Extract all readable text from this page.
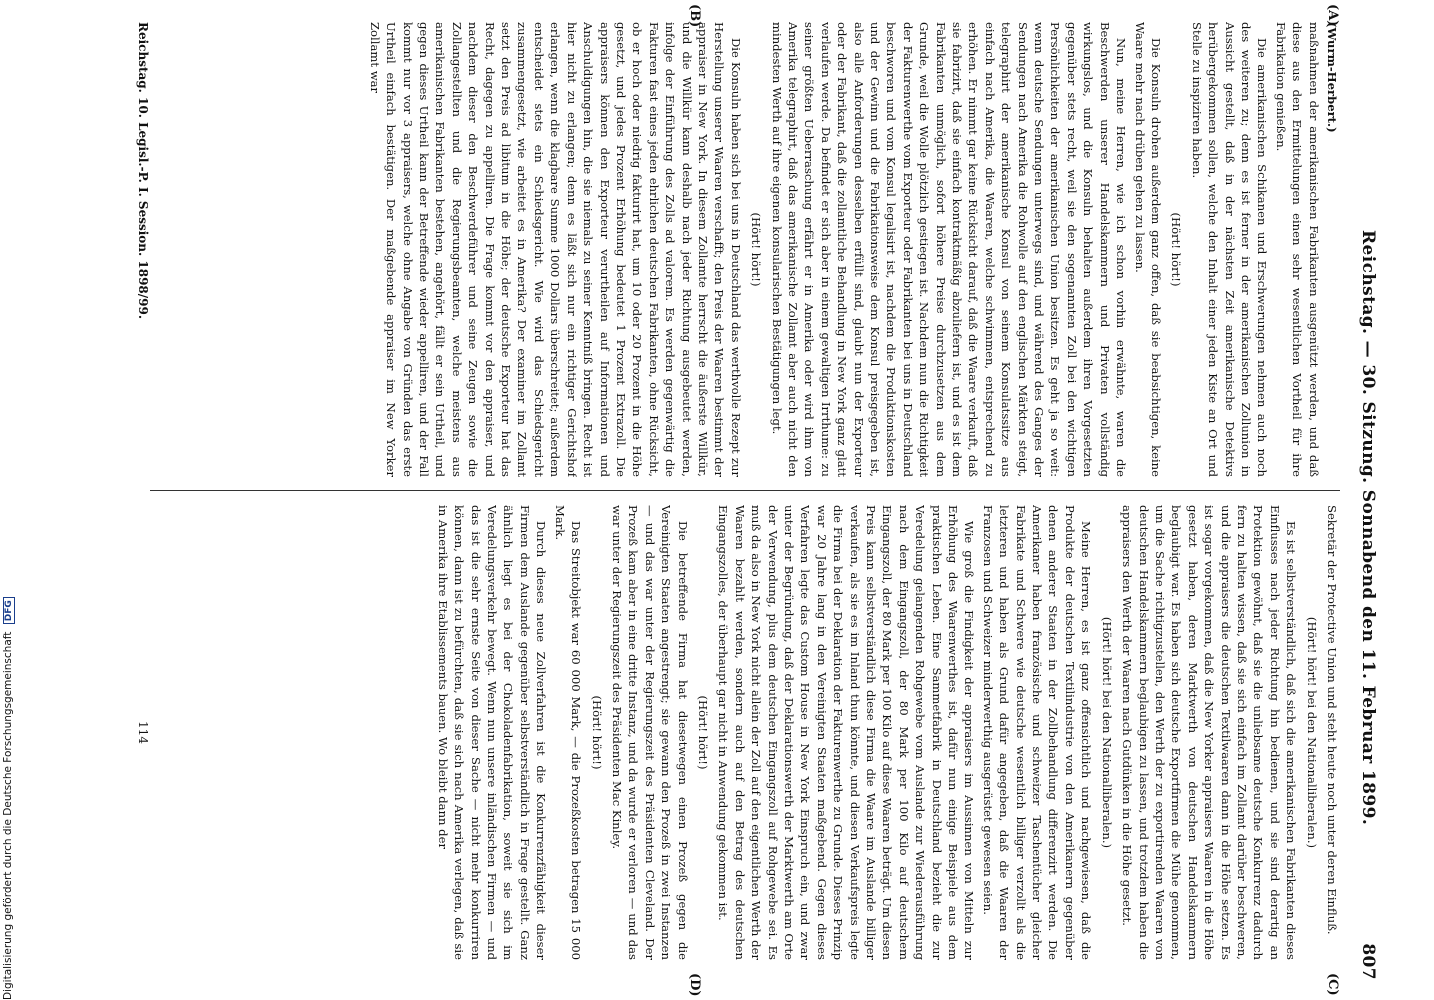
Reichstag. — 30. Sitzung. Sonnabend den 11. Februar 1899.
807
(A)
(B)
(C)
(D)
(Wurm-Herbert.)

maßnahmen der amerikanischen Fabrikanten ausgenützt werden, und daß diese aus den Ermittelungen einen sehr wesentlichen Vortheil für ihre Fabrikation genießen.

Die amerikanischen Schikanen und Erschwerungen nehmen auch noch des weiteren zu; denn es ist ferner in der amerikanischen Zollunion in Aussicht gestellt, daß in der nächsten Zeit amerikanische Detektivs herübergekommen sollen, welche den Inhalt einer jeden Kiste an Ort und Stelle zu inspiziren haben.

(Hört! hört!)

Die Konsuln drohen außerdem ganz offen, daß sie beabsichtigen, keine Waare mehr nach drüben gehen zu lassen.

Nun, meine Herren, wie ich schon vorhin erwähnte, waren die Beschwerden unserer Handelskammern und Privaten vollständig wirkungslos, und die Konsuln behalten außerdem ihren Vorgesetzten gegenüber stets recht, weil sie den sogenannten Zoll bei den wichtigen Persönlichkeiten der amerikanischen Union besitzen. Es geht ja so weit: wenn deutsche Sendungen unterwegs sind, und während des Ganges der Sendungen nach Amerika die Rohwolle auf den englischen Märkten steigt, telegraphirt der amerikanische Konsul von seinem Konsulatssitze aus einfach nach Amerika, die Waaren, welche schwimmen, entsprechend zu erhöhen. Er nimmt gar keine Rücksicht darauf, daß die Waare verkauft, daß sie fabrizirt, daß sie einfach kontraktmäßig abzuliefern ist, und es ist dem Fabrikanten unmöglich, sofort höhere Preise durchzusetzen aus dem Grunde, weil die Wolle plötzlich gestiegen ist. Nachdem nun die Richtigkeit der Fakturenwerthe vom Exporteur oder Fabrikanten bei uns in Deutschland beschworen und vom Konsul legalisirt ist, nachdem die Produktionskosten und der Gewinn und die Fabrikationsweise dem Konsul preisgegeben ist, also alle Anforderungen desselben erfüllt sind, glaubt nun der Exporteur oder der Fabrikant, daß die zollamtliche Behandlung in New York ganz glatt verlaufen werde. Da befindet er sich aber in einem gewaltigen Irrthume: zu seiner größten Ueberraschung erfährt er in Amerika oder wird ihm von Amerika telegraphirt, daß das amerikanische Zollamt aber auch nicht den mindesten Werth auf ihre eigenen konsularischen Bestätigungen legt.

(Hört! hört!)

Die Konsuln haben sich bei uns in Deutschland das werthvolle Rezept zur Herstellung unserer Waaren verschafft; den Preis der Waaren bestimmt der appraiser in New York. In diesem Zollamte herrscht die äußerste Willkür, und die Willkür kann deshalb nach jeder Richtung ausgebeutet werden, infolge der Einführung des Zolls ad valorem. Es werden gegenwärtig die Fakturen fast eines jeden ehrlichen deutschen Fabrikanten, ohne Rücksicht, ob er hoch oder niedrig fakturirt hat, um 10 oder 20 Prozent in die Höhe gesetzt, und jedes Prozent Erhöhung bedeutet 1 Prozent Extrazoll. Die appraisers können den Exporteur verurtheilen auf Informationen und Anschuldigungen hin, die sie niemals zu seiner Kenntniß bringen. Recht ist hier nicht zu erlangen; denn es läßt sich nur ein richtiger Gerichtshof erlangen, wenn die klagbare Summe 1000 Dollars überschreitet; außerdem entscheidet stets ein Schiedsgericht. Wie wird das Schiedsgericht zusammengesetzt, wie arbeitet es in Amerika? Der examiner im Zollamt setzt den Preis ad libitum in die Höhe; der deutsche Exporteur hat das Recht, dagegen zu appelliren. Die Frage kommt vor den appraiser, und nachdem dieser den Beschwerdeführer und seine Zeugen sowie die Zollangestellten und die Regierungsbeamten, welche meistens aus amerikanischen Fabrikanten bestehen, angehört, fällt er sein Urtheil, und gegen dieses Urtheil kann der Betreffende wieder appelliren, und der Fall kommt nur vor 3 appraisers, welche ohne Angabe von Gründen das erste Urtheil einfach bestätigen. Der maßgebende appraiser im New Yorker Zollamt war

Sekretär der Protective Union und steht heute noch unter deren Einfluß.

(Hört! hört! bei den Nationalliberalen.)

Es ist selbstverständlich, daß sich die amerikanischen Fabrikanten dieses Einflusses nach jeder Richtung hin bedienen, und sie sind derartig an Protektion gewöhnt, daß sie die unliebsame deutsche Konkurrenz dadurch fern zu halten wissen, daß sie sich einfach im Zollamt darüber beschweren, und die appraisers die deutschen Textilwaaren dann in die Höhe setzen. Es ist sogar vorgekommen, daß die New Yorker appraisers Waaren in die Höhe gesetzt haben, deren Marktwerth von deutschen Handelskammern beglaubigt war. Es haben sich deutsche Exportfirmen die Mühe genommen, um die Sache richtigzustellen, den Werth der zu exportirenden Waaren von deutschen Handelskammern beglaubigen zu lassen, und trotzdem haben die appraisers den Werth der Waaren nach Gutdünken in die Höhe gesetzt.

(Hört! hört! bei den Nationalliberalen.)

Meine Herren, es ist ganz offensichtlich und nachgewiesen, daß die Produkte der deutschen Textilindustrie von den Amerikanern gegenüber denen anderer Staaten in der Zollbehandlung differenzirt werden. Die Amerikaner haben französische und schweizer Taschentücher gleicher Fabrikate und Schwere wie deutsche wesentlich billiger verzollt als die letzteren und haben als Grund dafür angegeben, daß die Waaren der Franzosen und Schweizer minderwerthig ausgerüstet gewesen seien.

Wie groß die Findigkeit der appraisers im Aussinnen von Mitteln zur Erhöhung des Waarenwerthes ist, dafür nun einige Beispiele aus dem praktischen Leben. Eine Sammetfabrik in Deutschland bezieht die zur Veredelung gelangenden Rohgewebe vom Auslande zur Wiederausführung nach dem Eingangszoll, der 80 Mark per 100 Kilo auf deutschem Eingangszoll, der 80 Mark per 100 Kilo auf diese Waaren beträgt. Um diesen Preis kann selbstverständlich diese Firma die Waare im Auslande billiger verkaufen, als sie es im Inland thun könnte, und diesen Verkaufspreis legte die Firma bei der Deklaration der Fakturenwerthe zu Grunde. Dieses Prinzip war 20 Jahre lang in den Vereinigten Staaten maßgebend. Gegen dieses Verfahren legte das Custom House in New York Einspruch ein, und zwar unter der Begründung, daß der Deklarationswerth der Marktwerth am Orte der Verwendung, plus dem deutschen Eingangszoll auf Rohgewebe sei. Es muß da also in New York nicht allein der Zoll auf den eigentlichen Werth der Waaren bezahlt werden, sondern auch auf den Betrag des deutschen Eingangszolles, der überhaupt gar nicht in Anwendung gekommen ist.

(Hört! hört!)

Die betreffende Firma hat diesetwegen einen Prozeß gegen die Vereinigten Staaten angestrengt; sie gewann den Prozeß in zwei Instanzen — und das war unter der Regierungszeit des Präsidenten Cleveland. Der Prozeß kam aber in eine dritte Instanz, und da wurde er verloren — und das war unter der Regierungszeit des Präsidenten Mac Kinley.

(Hört! hört!)

Das Streitobjekt war 60 000 Mark, — die Prozeßkosten betragen 15 000 Mark.

Durch dieses neue Zollverfahren ist die Konkurrenzfähigkeit dieser Firmen dem Auslande gegenüber selbstverständlich in Frage gestellt. Ganz ähnlich liegt es bei der Chokoladenfabrikation, soweit sie sich im Veredelungsverkehr bewegt. Wenn nun unsere inländischen Firmen — und das ist die sehr ernste Seite von dieser Sache — nicht mehr konkurriren können, dann ist zu befürchten, daß sie sich nach Amerika verlegen, daß sie in Amerika ihre Etablissements bauen. Wo bleibt dann der

Reichstag. 10. Legisl.-P. I. Session. 1898/99.
114
Digitalisierung gefördert durch die Deutsche Forschungsgemeinschaft DFG
